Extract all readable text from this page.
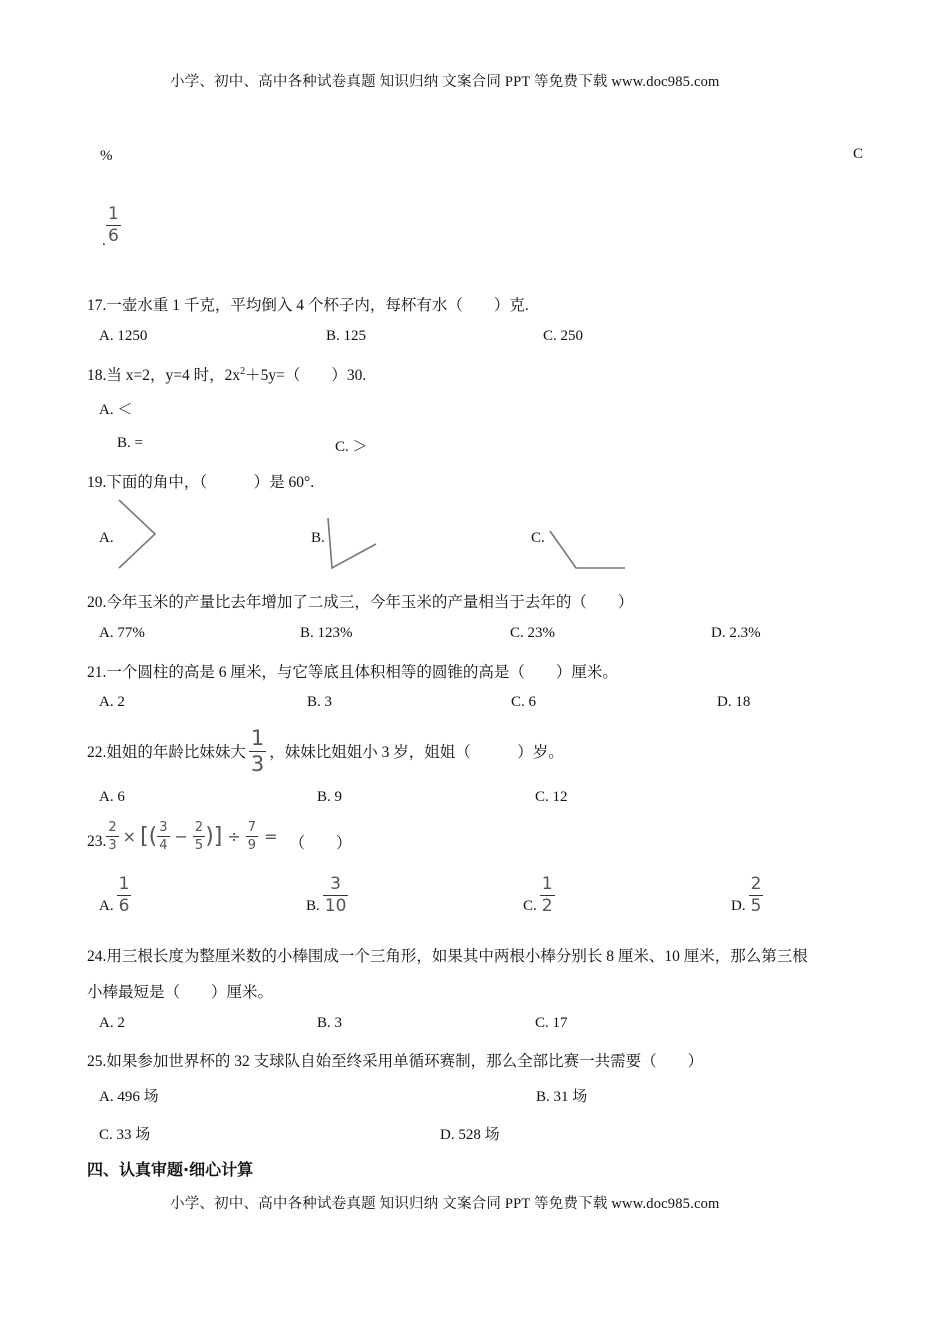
小学、初中、高中各种试卷真题 知识归纳 文案合同 PPT 等免费下载 www.doc985.com
%	C
. $\frac{1}{6}$
17.一壶水重 1 千克，平均倒入 4 个杯子内，每杯有水（　　）克.
A. 1250	B. 125	C. 250
18.当 x=2，y=4 时，$2x^2+5y=$（　　）30.
A. ＜
B. =	C. ＞
19.下面的角中，（　　　）是 60°.
A.	B.	C.
20.今年玉米的产量比去年增加了二成三，今年玉米的产量相当于去年的（　　）
A. 77%	B. 123%	C. 23%	D. 2.3%
21.一个圆柱的高是 6 厘米，与它等底且体积相等的圆锥的高是（　　）厘米。
A. 2	B. 3	C. 6	D. 18
22.姐姐的年龄比妹妹大 $\frac{1}{3}$ ，妹妹比姐姐小 3 岁，姐姐（　　　）岁。
A. 6	B. 9	C. 12
23. $\frac{2}{3}$ × [( $\frac{3}{4} - \frac{2}{5}$ )] ÷ $\frac{7}{9}$ = （　　）
A. $\frac{1}{6}$	B. $\frac{3}{10}$	C. $\frac{1}{2}$	D. $\frac{2}{5}$
24.用三根长度为整厘米数的小棒围成一个三角形，如果其中两根小棒分别长 8 厘米、10 厘米，那么第三根
小棒最短是（　　）厘米。
A. 2	B. 3	C. 17
25.如果参加世界杯的 32 支球队自始至终采用单循环赛制，那么全部比赛一共需要（　　）
A. 496 场	B. 31 场
C. 33 场	D. 528 场
四、认真审题·细心计算
小学、初中、高中各种试卷真题 知识归纳 文案合同 PPT 等免费下载 www.doc985.com
